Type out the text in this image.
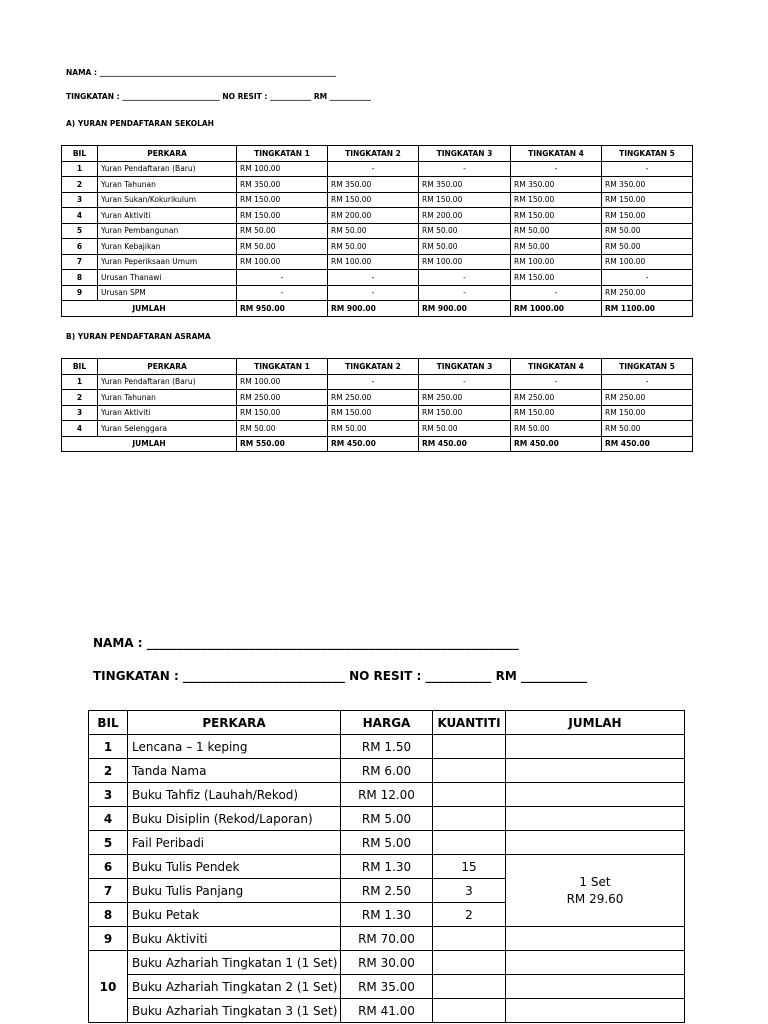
NAMA : _______________________________________________________________
TINGKATAN : __________________________ NO RESIT : ___________ RM ___________
A) YURAN PENDAFTARAN SEKOLAH
BIL	PERKARA	TINGKATAN 1	TINGKATAN 2	TINGKATAN 3	TINGKATAN 4	TINGKATAN 5
1	Yuran Pendaftaran (Baru)	RM 100.00	-	-	-	-
2	Yuran Tahunan	RM 350.00	RM 350.00	RM 350.00	RM 350.00	RM 350.00
3	Yuran Sukan/Kokurikulum	RM 150.00	RM 150.00	RM 150.00	RM 150.00	RM 150.00
4	Yuran Aktiviti	RM 150.00	RM 200.00	RM 200.00	RM 150.00	RM 150.00
5	Yuran Pembangunan	RM 50.00	RM 50.00	RM 50.00	RM 50.00	RM 50.00
6	Yuran Kebajikan	RM 50.00	RM 50.00	RM 50.00	RM 50.00	RM 50.00
7	Yuran Peperiksaan Umum	RM 100.00	RM 100.00	RM 100.00	RM 100.00	RM 100.00
8	Urusan Thanawi	-	-	-	RM 150.00	-
9	Urusan SPM	-	-	-	-	RM 250.00
JUMLAH		RM 950.00	RM 900.00	RM 900.00	RM 1000.00	RM 1100.00
B) YURAN PENDAFTARAN ASRAMA
BIL	PERKARA	TINGKATAN 1	TINGKATAN 2	TINGKATAN 3	TINGKATAN 4	TINGKATAN 5
1	Yuran Pendaftaran (Baru)	RM 100.00	-	-	-	-
2	Yuran Tahunan	RM 250.00	RM 250.00	RM 250.00	RM 250.00	RM 250.00
3	Yuran Aktiviti	RM 150.00	RM 150.00	RM 150.00	RM 150.00	RM 150.00
4	Yuran Selenggara	RM 50.00	RM 50.00	RM 50.00	RM 50.00	RM 50.00
JUMLAH		RM 550.00	RM 450.00	RM 450.00	RM 450.00	RM 450.00
NAMA : ______________________________________________________________
TINGKATAN : ___________________________ NO RESIT : ___________ RM ___________
BIL	PERKARA	HARGA	KUANTITI	JUMLAH
1	Lencana – 1 keping	RM 1.50		
2	Tanda Nama	RM 6.00		
3	Buku Tahfiz (Lauhah/Rekod)	RM 12.00		
4	Buku Disiplin (Rekod/Laporan)	RM 5.00		
5	Fail Peribadi	RM 5.00		
6	Buku Tulis Pendek	RM 1.30	15	1 Set
RM 29.60

7	Buku Tulis Panjang	RM 2.50	3	
8	Buku Petak	RM 1.30	2	
9	Buku Aktiviti	RM 70.00		
10	Buku Azhariah Tingkatan 1 (1 Set)	RM 30.00		
	Buku Azhariah Tingkatan 2 (1 Set)	RM 35.00		
	Buku Azhariah Tingkatan 3 (1 Set)	RM 41.00		
